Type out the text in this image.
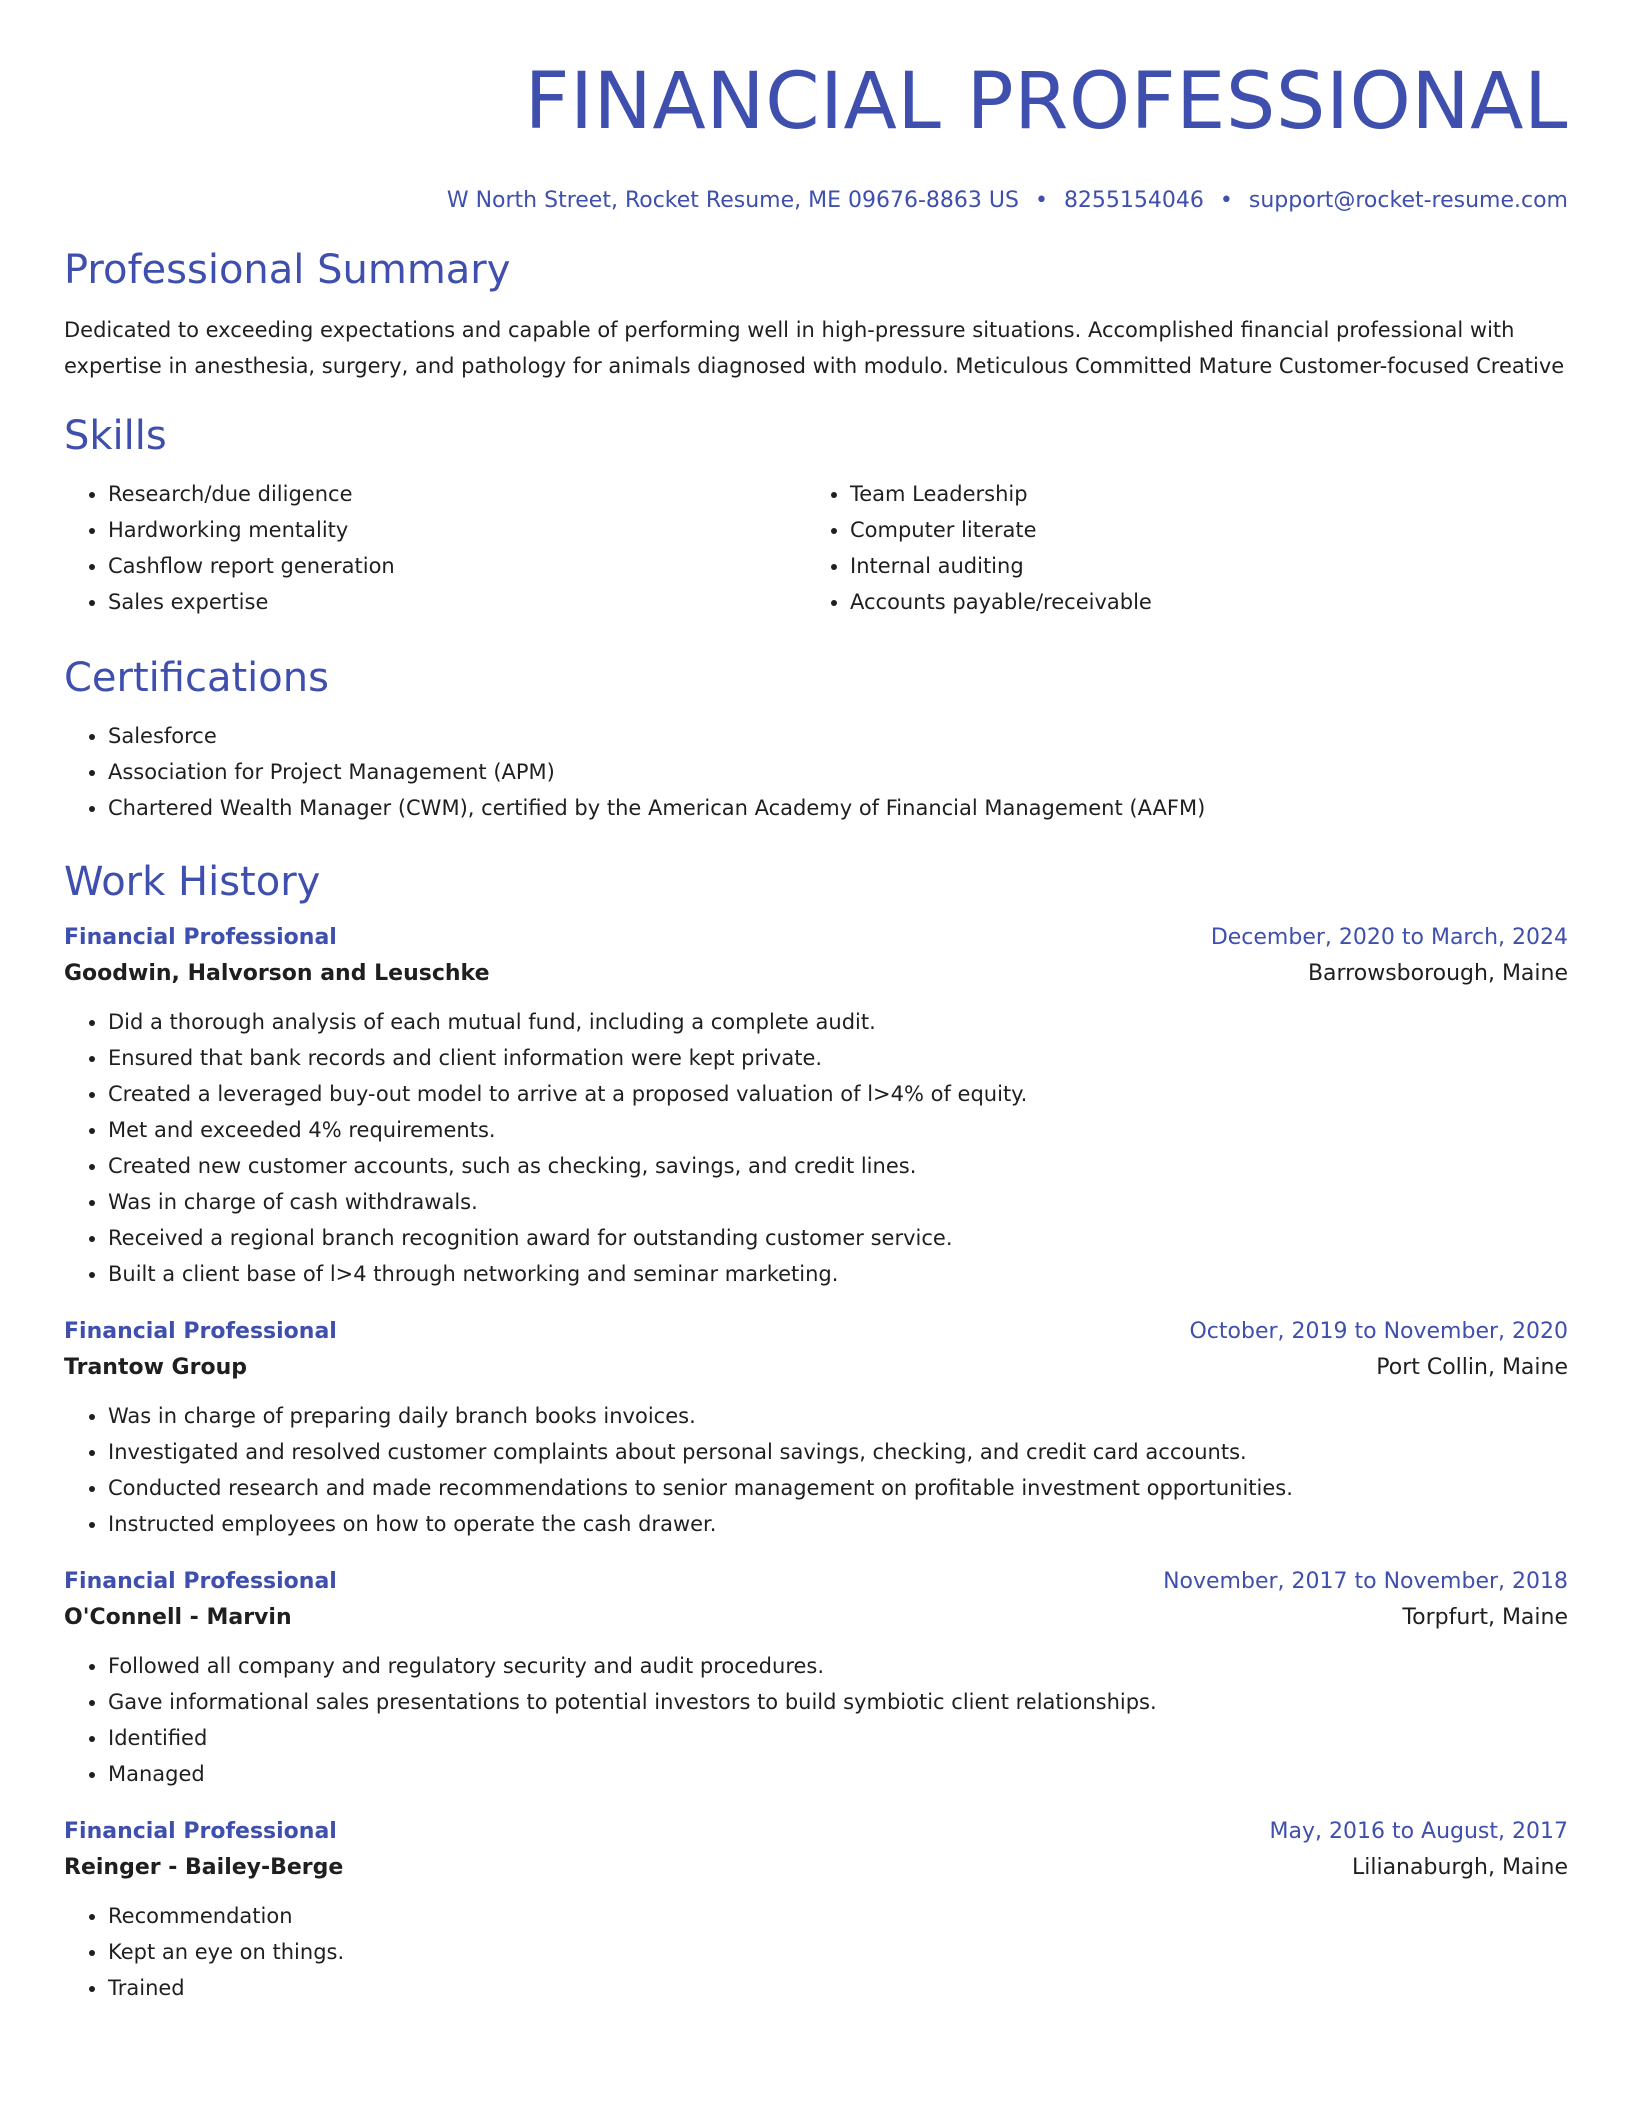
FINANCIAL PROFESSIONAL
W North Street, Rocket Resume, ME 09676-8863 US • 8255154046 • support@rocket-resume.com
Professional Summary

Dedicated to exceeding expectations and capable of performing well in high-pressure situations. Accomplished financial professional with expertise in anesthesia, surgery, and pathology for animals diagnosed with modulo. Meticulous Committed Mature Customer-focused Creative

Skills
• Research/due diligence
• Hardworking mentality
• Cashflow report generation
• Sales expertise
• Team Leadership
• Computer literate
• Internal auditing
• Accounts payable/receivable
Certifications
• Salesforce
• Association for Project Management (APM)
• Chartered Wealth Manager (CWM), certified by the American Academy of Financial Management (AAFM)
Work History
Financial Professional	December, 2020 to March, 2024
Goodwin, Halvorson and Leuschke	Barrowsborough, Maine
• Did a thorough analysis of each mutual fund, including a complete audit.
• Ensured that bank records and client information were kept private.
• Created a leveraged buy-out model to arrive at a proposed valuation of l>4% of equity.
• Met and exceeded 4% requirements.
• Created new customer accounts, such as checking, savings, and credit lines.
• Was in charge of cash withdrawals.
• Received a regional branch recognition award for outstanding customer service.
• Built a client base of l>4 through networking and seminar marketing.
Financial Professional	October, 2019 to November, 2020
Trantow Group	Port Collin, Maine
• Was in charge of preparing daily branch books invoices.
• Investigated and resolved customer complaints about personal savings, checking, and credit card accounts.
• Conducted research and made recommendations to senior management on profitable investment opportunities.
• Instructed employees on how to operate the cash drawer.
Financial Professional	November, 2017 to November, 2018
O'Connell - Marvin	Torpfurt, Maine
• Followed all company and regulatory security and audit procedures.
• Gave informational sales presentations to potential investors to build symbiotic client relationships.
• Identified
• Managed
Financial Professional	May, 2016 to August, 2017
Reinger - Bailey-Berge	Lilianaburgh, Maine
• Recommendation
• Kept an eye on things.
• Trained
